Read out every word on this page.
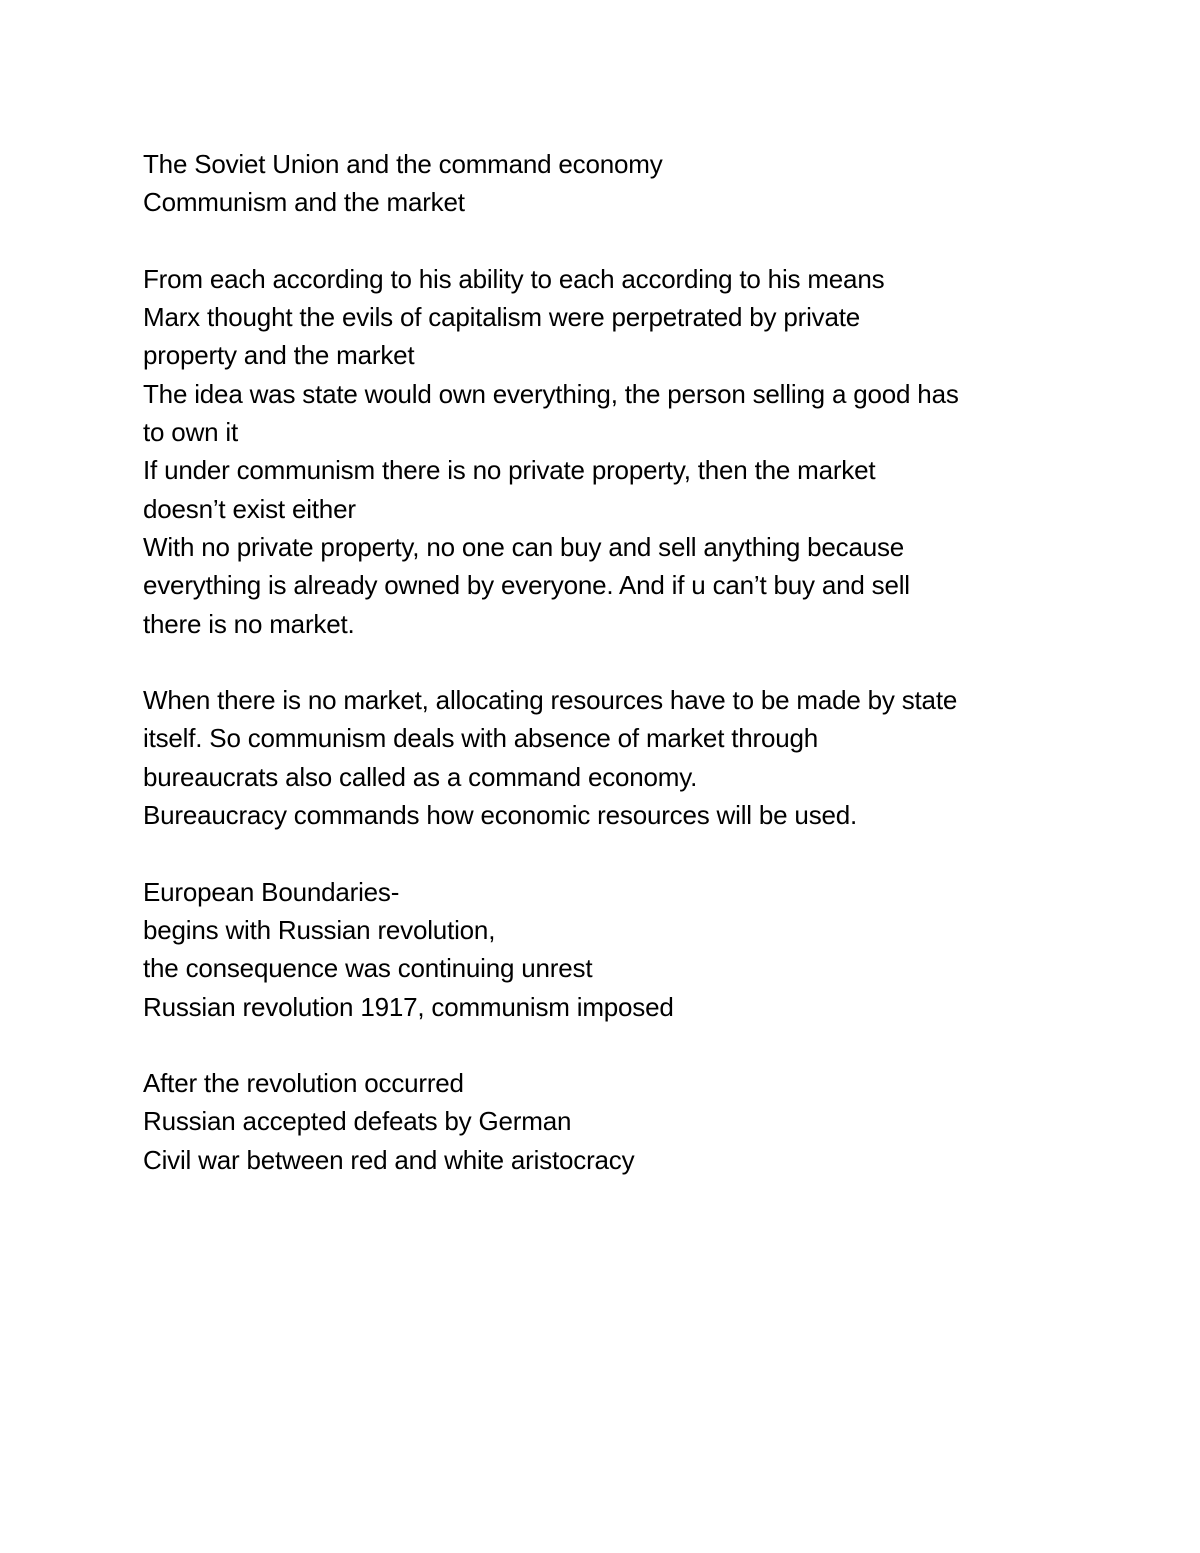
The Soviet Union and the command economy
Communism and the market
From each according to his ability to each according to his means
Marx thought the evils of capitalism were perpetrated by private
property and the market
The idea was state would own everything, the person selling a good has
to own it
If under communism there is no private property, then the market
doesn’t exist either
With no private property, no one can buy and sell anything because
everything is already owned by everyone. And if u can’t buy and sell
there is no market.
When there is no market, allocating resources have to be made by state
itself. So communism deals with absence of market through
bureaucrats also called as a command economy.
Bureaucracy commands how economic resources will be used.
European Boundaries-
begins with Russian revolution,
the consequence was continuing unrest
Russian revolution 1917, communism imposed
After the revolution occurred
Russian accepted defeats by German
Civil war between red and white aristocracy
